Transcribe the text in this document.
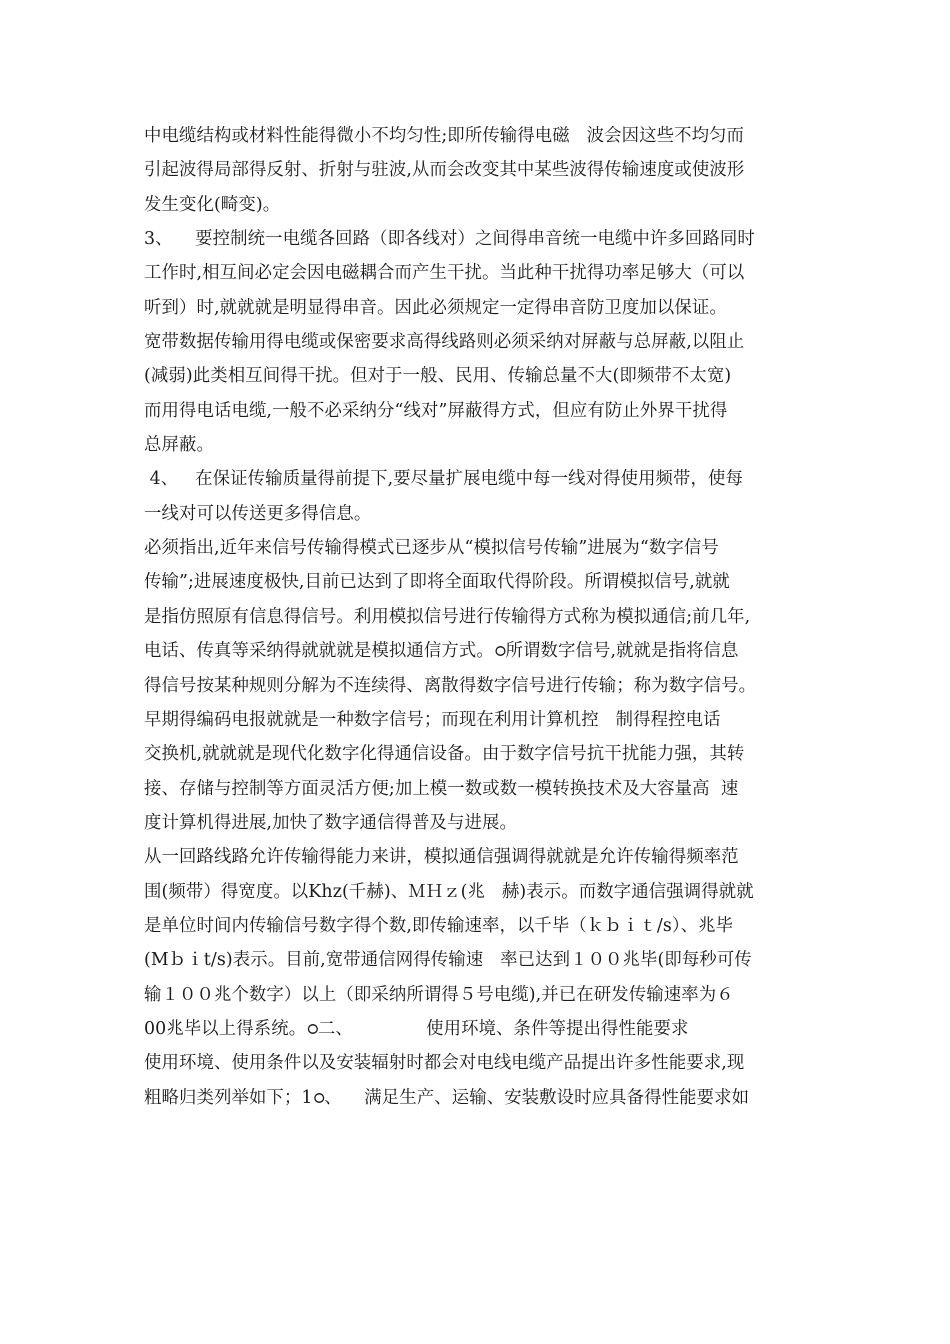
中电缆结构或材料性能得微小不均匀性;即所传输得电磁   波会因这些不均匀而
引起波得局部得反射、折射与驻波,从而会改变其中某些波得传输速度或使波形
发生变化(畸变)。
3、    要控制统一电缆各回路（即各线对）之间得串音统一电缆中许多回路同时
工作时,相互间必定会因电磁耦合而产生干扰。当此种干扰得功率足够大（可以
听到）时,就就就是明显得串音。因此必须规定一定得串音防卫度加以保证。
宽带数据传输用得电缆或保密要求高得线路则必须采纳对屏蔽与总屏蔽,以阻止
(减弱)此类相互间得干扰。但对于一般、民用、传输总量不大(即频带不太宽)
而用得电话电缆,一般不必采纳分“线对”屏蔽得方式，但应有防止外界干扰得
总屏蔽。
4、   在保证传输质量得前提下,要尽量扩展电缆中每一线对得使用频带，使每
一线对可以传送更多得信息。
必须指出,近年来信号传输得模式已逐步从“模拟信号传输”进展为“数字信号
传输”;进展速度极快,目前已达到了即将全面取代得阶段。所谓模拟信号,就就
是指仿照原有信息得信号。利用模拟信号进行传输得方式称为模拟通信;前几年,
电话、传真等采纳得就就就是模拟通信方式。ഠ所谓数字信号,就就是指将信息
得信号按某种规则分解为不连续得、离散得数字信号进行传输；称为数字信号。
早期得编码电报就就是一种数字信号；而现在利用计算机控   制得程控电话
交换机,就就就是现代化数字化得通信设备。由于数字信号抗干扰能力强，其转
接、存储与控制等方面灵活方便;加上模一数或数一模转换技术及大容量高  速
度计算机得进展,加快了数字通信得普及与进展。
从一回路线路允许传输得能力来讲，模拟通信强调得就就是允许传输得频率范
围(频带）得宽度。以Khz(千赫)、ＭＨｚ(兆   赫)表示。而数字通信强调得就就
是单位时间内传输信号数字得个数,即传输速率，以千毕（ｋｂｉｔ/s）、兆毕
(Mｂｉt/s)表示。目前,宽带通信网得传输速   率已达到１００兆毕(即每秒可传
输１００兆个数字）以上（即采纳所谓得５号电缆),并已在研发传输速率为６
00兆毕以上得系统。ഠ二、             使用环境、条件等提出得性能要求
使用环境、使用条件以及安装辐射时都会对电线电缆产品提出许多性能要求,现
粗略归类列举如下；1ഠ、    满足生产、运输、安装敷设时应具备得性能要求如
